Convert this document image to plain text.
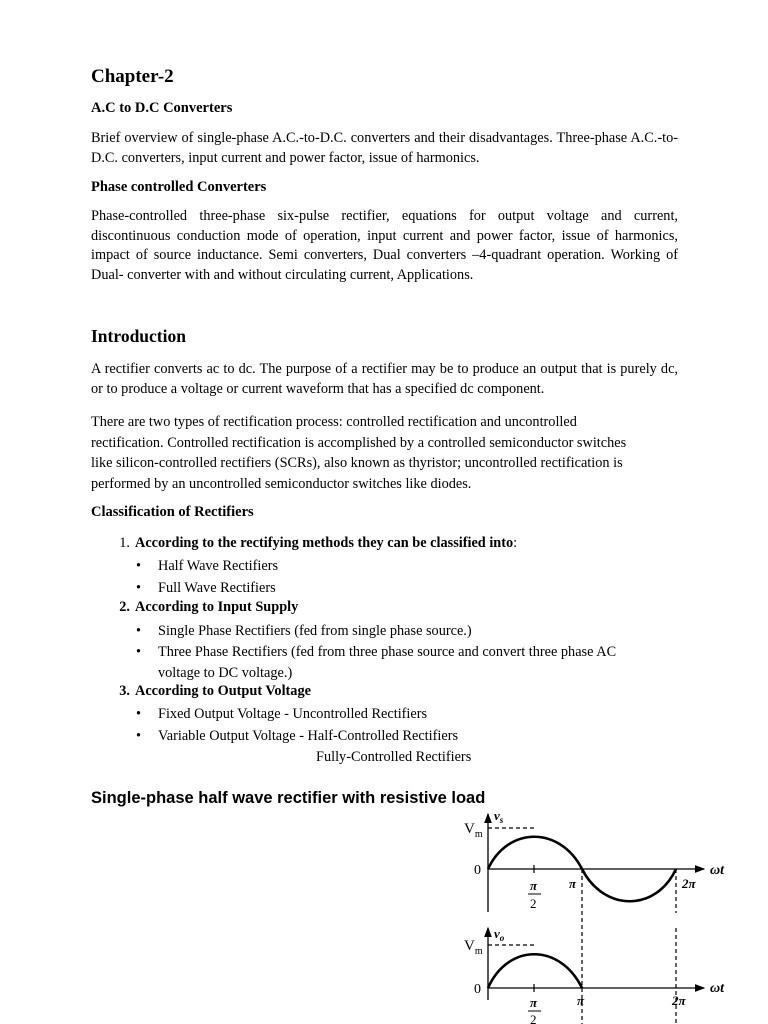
Chapter-2
A.C to D.C Converters

Brief overview of single-phase A.C.-to-D.C. converters and their disadvantages. Three-phase A.C.-to-D.C. converters, input current and power factor, issue of harmonics.

Phase controlled Converters

Phase-controlled three-phase six-pulse rectifier, equations for output voltage and current, discontinuous conduction mode of operation, input current and power factor, issue of harmonics, impact of source inductance. Semi converters, Dual converters –4-quadrant operation. Working of Dual- converter with and without circulating current, Applications.

Introduction

A rectifier converts ac to dc. The purpose of a rectifier may be to produce an output that is purely dc, or to produce a voltage or current waveform that has a specified dc component.

There are two types of rectification process: controlled rectification and uncontrolled
rectification. Controlled rectification is accomplished by a controlled semiconductor switches
like silicon-controlled rectifiers (SCRs), also known as thyristor; uncontrolled rectification is
performed by an uncontrolled semiconductor switches like diodes.
Classification of Rectifiers
1. According to the rectifying methods they can be classified into:
• Half Wave Rectifiers
• Full Wave Rectifiers
2. According to Input Supply
• Single Phase Rectifiers (fed from single phase source.)
• Three Phase Rectifiers (fed from three phase source and convert three phase AC voltage to DC voltage.)
3. According to Output Voltage
• Fixed Output Voltage - Uncontrolled Rectifiers
• Variable Output Voltage - Half-Controlled Rectifiers
Fully-Controlled Rectifiers
Single-phase half wave rectifier with resistive load
$V_m$
$v_s$
0	ωt
π
2
π	2π
$V_m$
$v_o$
0	ωt
π
2
π	2π
